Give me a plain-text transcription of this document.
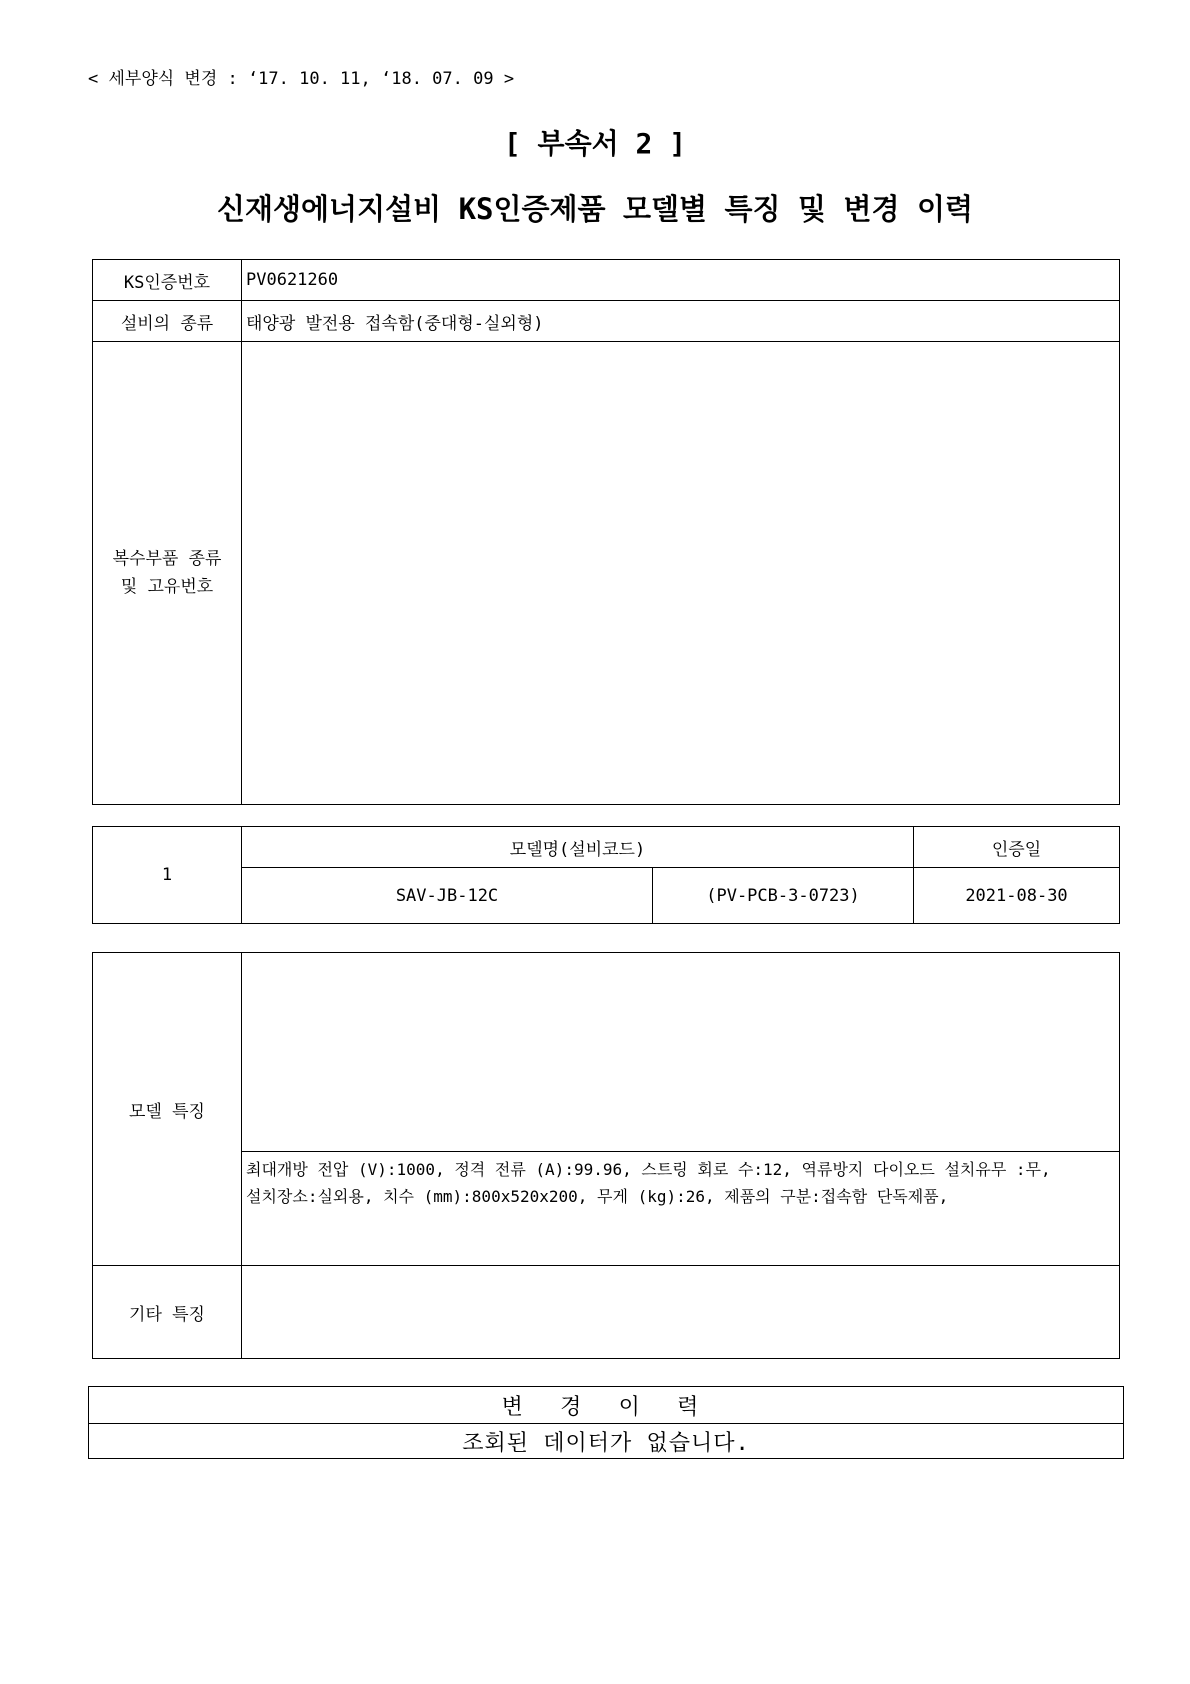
< 세부양식 변경 : ‘17. 10. 11, ‘18. 07. 09 >
[ 부속서 2 ]
신재생에너지설비 KS인증제품 모델별 특징 및 변경 이력
KS인증번호	PV0621260
설비의 종류	태양광 발전용 접속함(중대형-실외형)

복수부품 종류
및 고유번호	

1	모델명(설비코드)		인증일
	SAV-JB-12C	(PV-PCB-3-0723)	2021-08-30
모델 특징	최대개방 전압 (V):1000, 정격 전류 (A):99.96, 스트링 회로 수:12, 역류방지 다이오드 설치유무 :무,
설치장소:실외용, 치수 (mm):800x520x200, 무게 (kg):26, 제품의 구분:접속함 단독제품,

기타 특징	
변 경 이 력
조회된 데이터가 없습니다.
